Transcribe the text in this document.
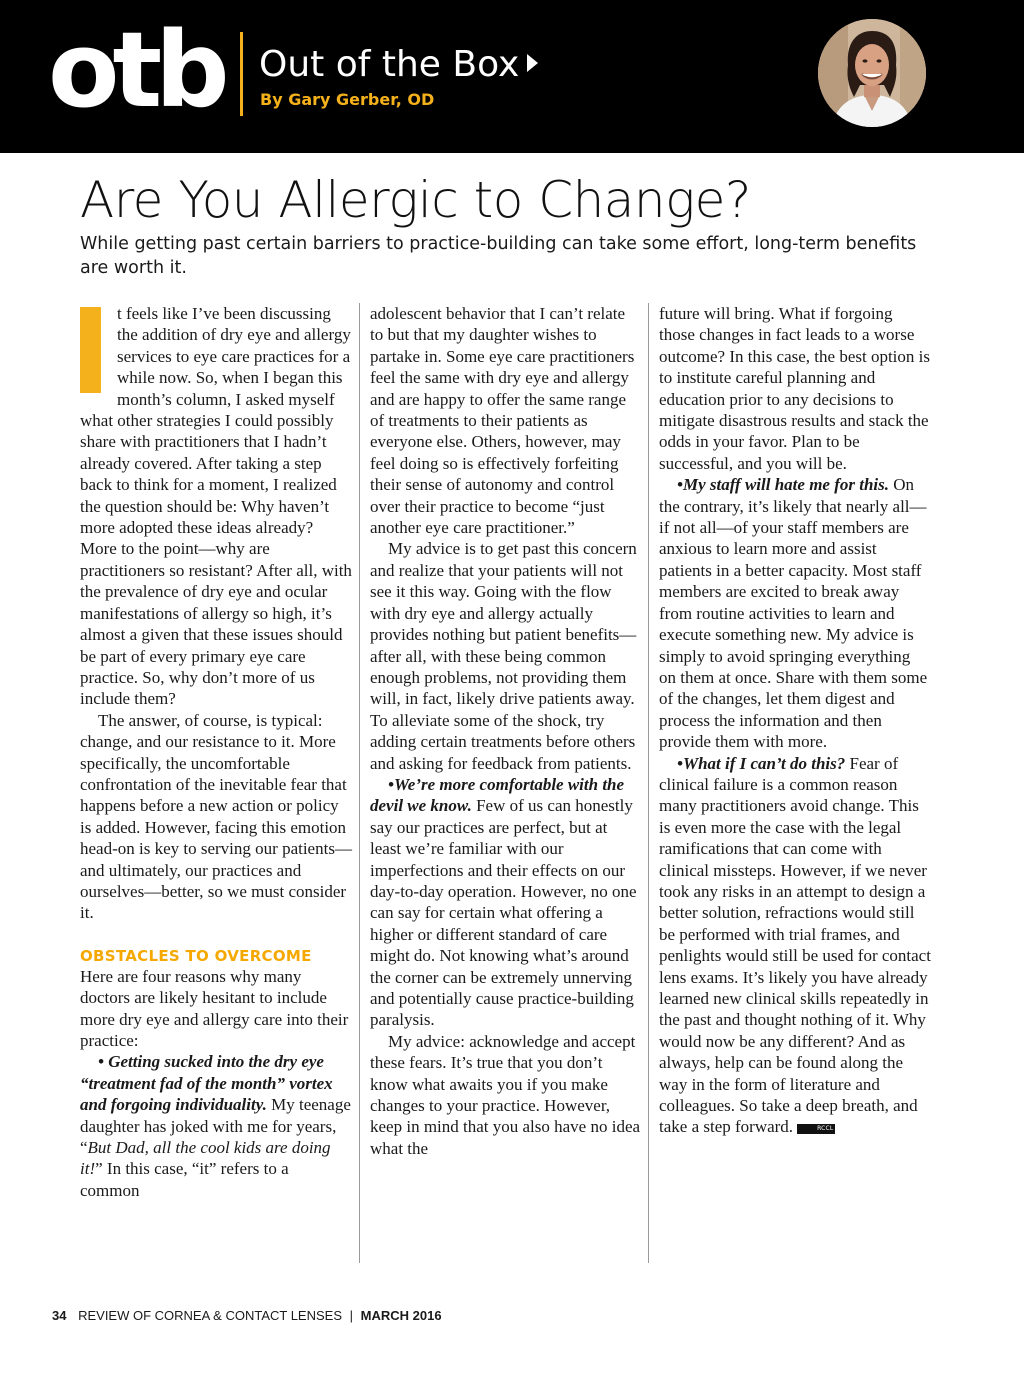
otb Out of the Box
By Gary Gerber, OD
Are You Allergic to Change?

While getting past certain barriers to practice-building can take some effort, long-term benefits are worth it.

t feels like I’ve been discussing the addition of dry eye and allergy services to eye care practices for a while now. So, when I began this month’s column, I asked myself what other strategies I could possibly share with practitioners that I hadn’t already covered. After taking a step back to think for a moment, I realized the question should be: Why haven’t more adopted these ideas already? More to the point—why are practitioners so resistant? After all, with the prevalence of dry eye and ocular manifestations of allergy so high, it’s almost a given that these issues should be part of every primary eye care practice. So, why don’t more of us include them?

The answer, of course, is typical: change, and our resistance to it. More specifically, the uncomfortable confrontation of the inevitable fear that happens before a new action or policy is added. However, facing this emotion head-on is key to serving our patients—and ultimately, our practices and ourselves—better, so we must consider it.

OBSTACLES TO OVERCOME

Here are four reasons why many doctors are likely hesitant to include more dry eye and allergy care into their practice:

• Getting sucked into the dry eye “treatment fad of the month” vortex and forgoing individuality. My teenage daughter has joked with me for years, “But Dad, all the cool kids are doing it!” In this case, “it” refers to a common

adolescent behavior that I can’t relate to but that my daughter wishes to partake in. Some eye care practitioners feel the same with dry eye and allergy and are happy to offer the same range of treatments to their patients as everyone else. Others, however, may feel doing so is effectively forfeiting their sense of autonomy and control over their practice to become “just another eye care practitioner.”

My advice is to get past this concern and realize that your patients will not see it this way. Going with the flow with dry eye and allergy actually provides nothing but patient benefits—after all, with these being common enough problems, not providing them will, in fact, likely drive patients away. To alleviate some of the shock, try adding certain treatments before others and asking for feedback from patients.

•We’re more comfortable with the devil we know. Few of us can honestly say our practices are perfect, but at least we’re familiar with our imperfections and their effects on our day-to-day operation. However, no one can say for certain what offering a higher or different standard of care might do. Not knowing what’s around the corner can be extremely unnerving and potentially cause practice-building paralysis.

My advice: acknowledge and accept these fears. It’s true that you don’t know what awaits you if you make changes to your practice. However, keep in mind that you also have no idea what the

future will bring. What if forgoing those changes in fact leads to a worse outcome? In this case, the best option is to institute careful planning and education prior to any decisions to mitigate disastrous results and stack the odds in your favor. Plan to be successful, and you will be.

•My staff will hate me for this. On the contrary, it’s likely that nearly all—if not all—of your staff members are anxious to learn more and assist patients in a better capacity. Most staff members are excited to break away from routine activities to learn and execute something new. My advice is simply to avoid springing everything on them at once. Share with them some of the changes, let them digest and process the information and then provide them with more.

•What if I can’t do this? Fear of clinical failure is a common reason many practitioners avoid change. This is even more the case with the legal ramifications that can come with clinical missteps. However, if we never took any risks in an attempt to design a better solution, refractions would still be performed with trial frames, and penlights would still be used for contact lens exams. It’s likely you have already learned new clinical skills repeatedly in the past and thought nothing of it. Why would now be any different? And as always, help can be found along the way in the form of literature and colleagues. So take a deep breath, and take a step forward.	RCCL

34 REVIEW OF CORNEA & CONTACT LENSES | MARCH 2016
